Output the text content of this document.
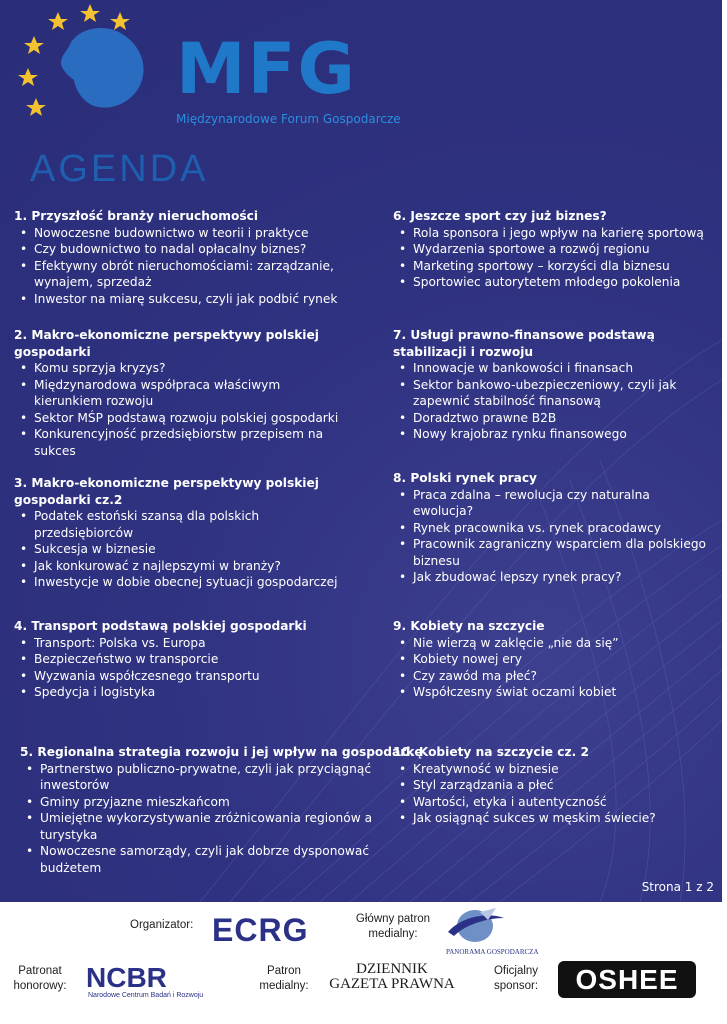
MFG
Międzynarodowe Forum Gospodarcze
AGENDA
1. Przyszłość branży nieruchomości
• Nowoczesne budownictwo w teorii i praktyce
• Czy budownictwo to nadal opłacalny biznes?
• Efektywny obrót nieruchomościami: zarządzanie, wynajem, sprzedaż
• Inwestor na miarę sukcesu, czyli jak podbić rynek
2. Makro-ekonomiczne perspektywy polskiej gospodarki
• Komu sprzyja kryzys?
• Międzynarodowa współpraca właściwym kierunkiem rozwoju
• Sektor MŚP podstawą rozwoju polskiej gospodarki
• Konkurencyjność przedsiębiorstw przepisem na sukces
3. Makro-ekonomiczne perspektywy polskiej gospodarki cz.2
• Podatek estoński szansą dla polskich przedsiębiorców
• Sukcesja w biznesie
• Jak konkurować z najlepszymi w branży?
• Inwestycje w dobie obecnej sytuacji gospodarczej
4. Transport podstawą polskiej gospodarki
• Transport: Polska vs. Europa
• Bezpieczeństwo w transporcie
• Wyzwania współczesnego transportu
• Spedycja i logistyka
5. Regionalna strategia rozwoju i jej wpływ na gospodarkę
• Partnerstwo publiczno-prywatne, czyli jak przyciągnąć inwestorów
• Gminy przyjazne mieszkańcom
• Umiejętne wykorzystywanie zróżnicowania regionów a turystyka
• Nowoczesne samorządy, czyli jak dobrze dysponować budżetem
6. Jeszcze sport czy już biznes?
• Rola sponsora i jego wpływ na karierę sportową
• Wydarzenia sportowe a rozwój regionu
• Marketing sportowy – korzyści dla biznesu
• Sportowiec autorytetem młodego pokolenia
7. Usługi prawno-finansowe podstawą stabilizacji i rozwoju
• Innowacje w bankowości i finansach
• Sektor bankowo-ubezpieczeniowy, czyli jak zapewnić stabilność finansową
• Doradztwo prawne B2B
• Nowy krajobraz rynku finansowego
8. Polski rynek pracy
• Praca zdalna – rewolucja czy naturalna ewolucja?
• Rynek pracownika vs. rynek pracodawcy
• Pracownik zagraniczny wsparciem dla polskiego biznesu
• Jak zbudować lepszy rynek pracy?
9. Kobiety na szczycie
• Nie wierzą w zaklęcie „nie da się”
• Kobiety nowej ery
• Czy zawód ma płeć?
• Współczesny świat oczami kobiet
10. Kobiety na szczycie cz. 2
• Kreatywność w biznesie
• Styl zarządzania a płeć
• Wartości, etyka i autentyczność
• Jak osiągnąć sukces w męskim świecie?
Strona 1 z 2
Organizator: ECRG	Główny patron medialny:
PANORAMA GOSPODARCZA
Patronat honorowy: NCBR
Narodowe Centrum Badań i Rozwoju
Patron medialny:
DZIENNIK
GAZETA PRAWNA
Oficjalny sponsor:	OSHEE
